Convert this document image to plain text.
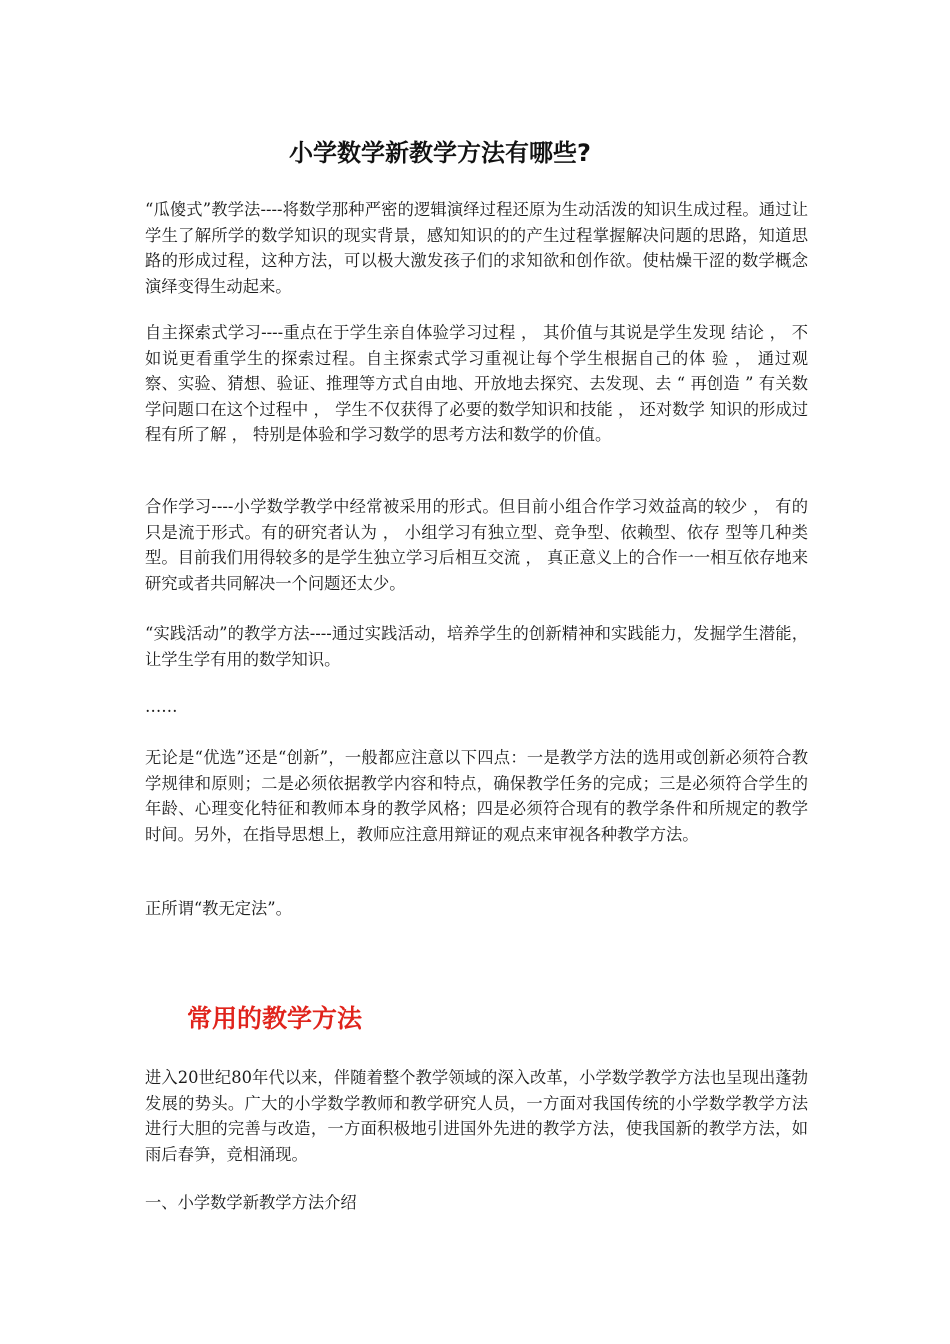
小学数学新教学方法有哪些?

“瓜傻式”教学法----将数学那种严密的逻辑演绎过程还原为生动活泼的知识生成过程。通过让学生了解所学的数学知识的现实背景，感知知识的的产生过程掌握解决问题的思路，知道思路的形成过程，这种方法，可以极大激发孩子们的求知欲和创作欲。使枯燥干涩的数学概念演绎变得生动起来。

自主探索式学习----重点在于学生亲自体验学习过程 ， 其价值与其说是学生发现 结论 ， 不如说更看重学生的探索过程。自主探索式学习重视让每个学生根据自己的体 验 ， 通过观察、实验、猜想、验证、推理等方式自由地、开放地去探究、去发现、去 “ 再创造 ” 有关数学问题口在这个过程中 ， 学生不仅获得了必要的数学知识和技能 ， 还对数学 知识的形成过程有所了解 ， 特别是体验和学习数学的思考方法和数学的价值。

合作学习----小学数学教学中经常被采用的形式。但目前小组合作学习效益高的较少 ， 有的只是流于形式。有的研究者认为 ， 小组学习有独立型、竞争型、依赖型、依存 型等几种类型。目前我们用得较多的是学生独立学习后相互交流 ， 真正意义上的合作一一相互依存地来研究或者共同解决一个问题还太少。

“实践活动”的教学方法----通过实践活动，培养学生的创新精神和实践能力，发掘学生潜能，让学生学有用的数学知识。

……

无论是“优选”还是“创新”，一般都应注意以下四点：一是教学方法的选用或创新必须符合教学规律和原则；二是必须依据教学内容和特点，确保教学任务的完成；三是必须符合学生的年龄、心理变化特征和教师本身的教学风格；四是必须符合现有的教学条件和所规定的教学时间。另外，在指导思想上，教师应注意用辩证的观点来审视各种教学方法。

正所谓“教无定法”。

常用的教学方法

进入20世纪80年代以来，伴随着整个教学领域的深入改革，小学数学教学方法也呈现出蓬勃发展的势头。广大的小学数学教师和教学研究人员，一方面对我国传统的小学数学教学方法进行大胆的完善与改造，一方面积极地引进国外先进的教学方法，使我国新的教学方法，如雨后春笋，竞相涌现。

一、小学数学新教学方法介绍
